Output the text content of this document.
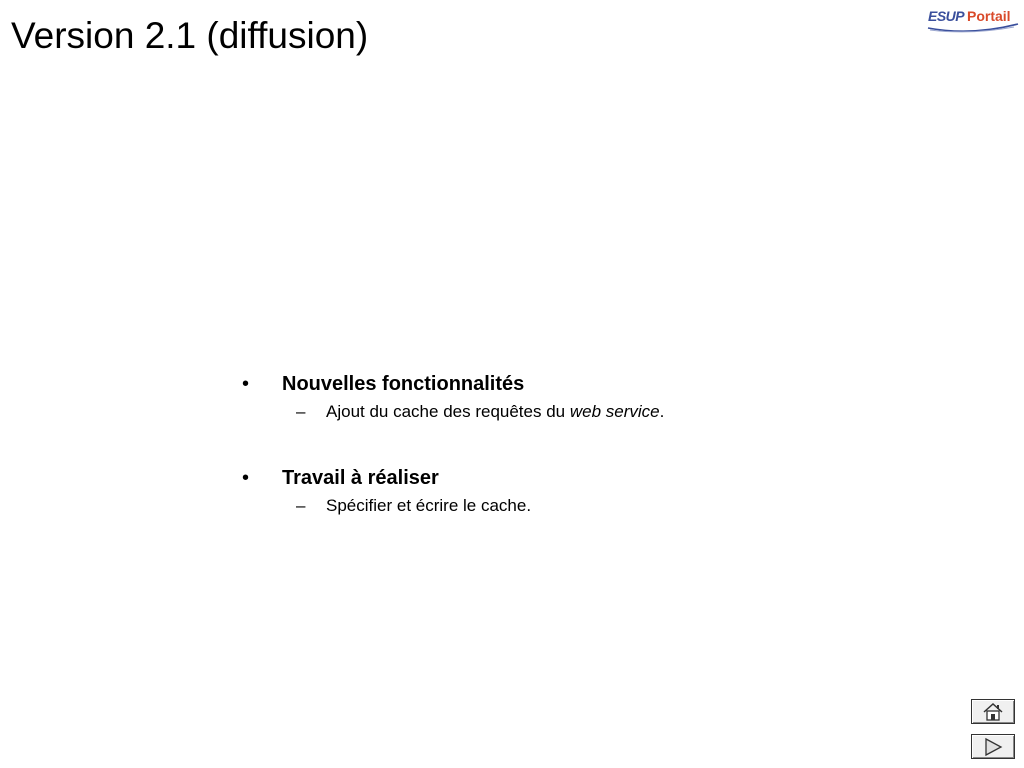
Version 2.1 (diffusion)	ESUP Portail
• Nouvelles fonctionnalités
– Ajout du cache des requêtes du web service.
• Travail à réaliser
– Spécifier et écrire le cache.
